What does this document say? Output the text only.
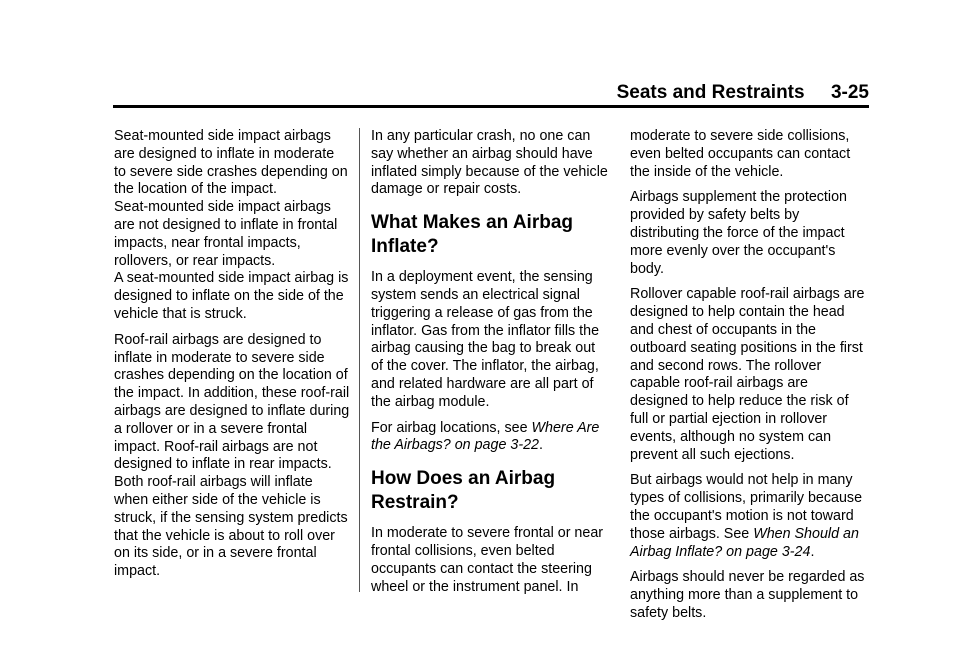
Seats and Restraints     3-25

Seat-mounted side impact airbags are designed to inflate in moderate to severe side crashes depending on the location of the impact.

Seat-mounted side impact airbags are not designed to inflate in frontal impacts, near frontal impacts, rollovers, or rear impacts.

A seat-mounted side impact airbag is designed to inflate on the side of the vehicle that is struck.

Roof-rail airbags are designed to inflate in moderate to severe side crashes depending on the location of the impact. In addition, these roof-rail airbags are designed to inflate during a rollover or in a severe frontal impact. Roof-rail airbags are not designed to inflate in rear impacts. Both roof-rail airbags will inflate when either side of the vehicle is struck, if the sensing system predicts that the vehicle is about to roll over on its side, or in a severe frontal impact.

In any particular crash, no one can say whether an airbag should have inflated simply because of the vehicle damage or repair costs.

What Makes an Airbag Inflate?

In a deployment event, the sensing system sends an electrical signal triggering a release of gas from the inflator. Gas from the inflator fills the airbag causing the bag to break out of the cover. The inflator, the airbag, and related hardware are all part of the airbag module.

For airbag locations, see Where Are the Airbags? on page 3-22.

How Does an Airbag Restrain?

In moderate to severe frontal or near frontal collisions, even belted occupants can contact the steering wheel or the instrument panel. In

moderate to severe side collisions, even belted occupants can contact the inside of the vehicle.

Airbags supplement the protection provided by safety belts by distributing the force of the impact more evenly over the occupant's body.

Rollover capable roof-rail airbags are designed to help contain the head and chest of occupants in the outboard seating positions in the first and second rows. The rollover capable roof-rail airbags are designed to help reduce the risk of full or partial ejection in rollover events, although no system can prevent all such ejections.

But airbags would not help in many types of collisions, primarily because the occupant's motion is not toward those airbags. See When Should an Airbag Inflate? on page 3-24.

Airbags should never be regarded as anything more than a supplement to safety belts.
